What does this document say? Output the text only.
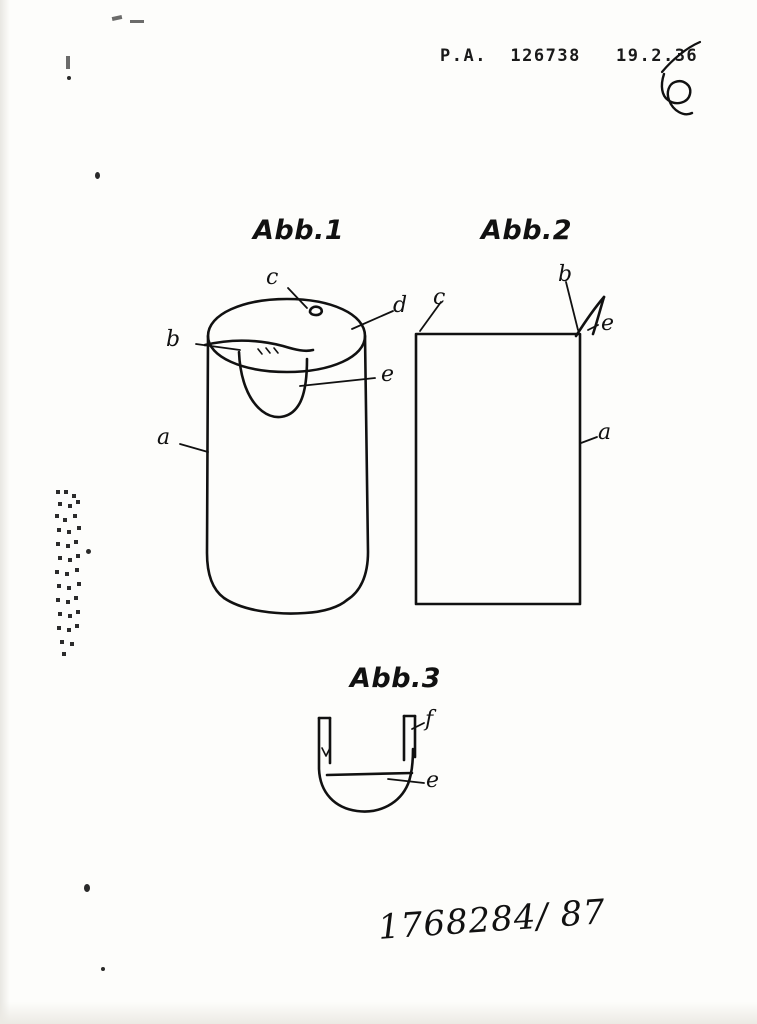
P.A.  126738   19.2.36
Abb.1	Abb.2
Abb.3
c
d
b
e
a
c
b
e
a
f
e
1768284/ 87
